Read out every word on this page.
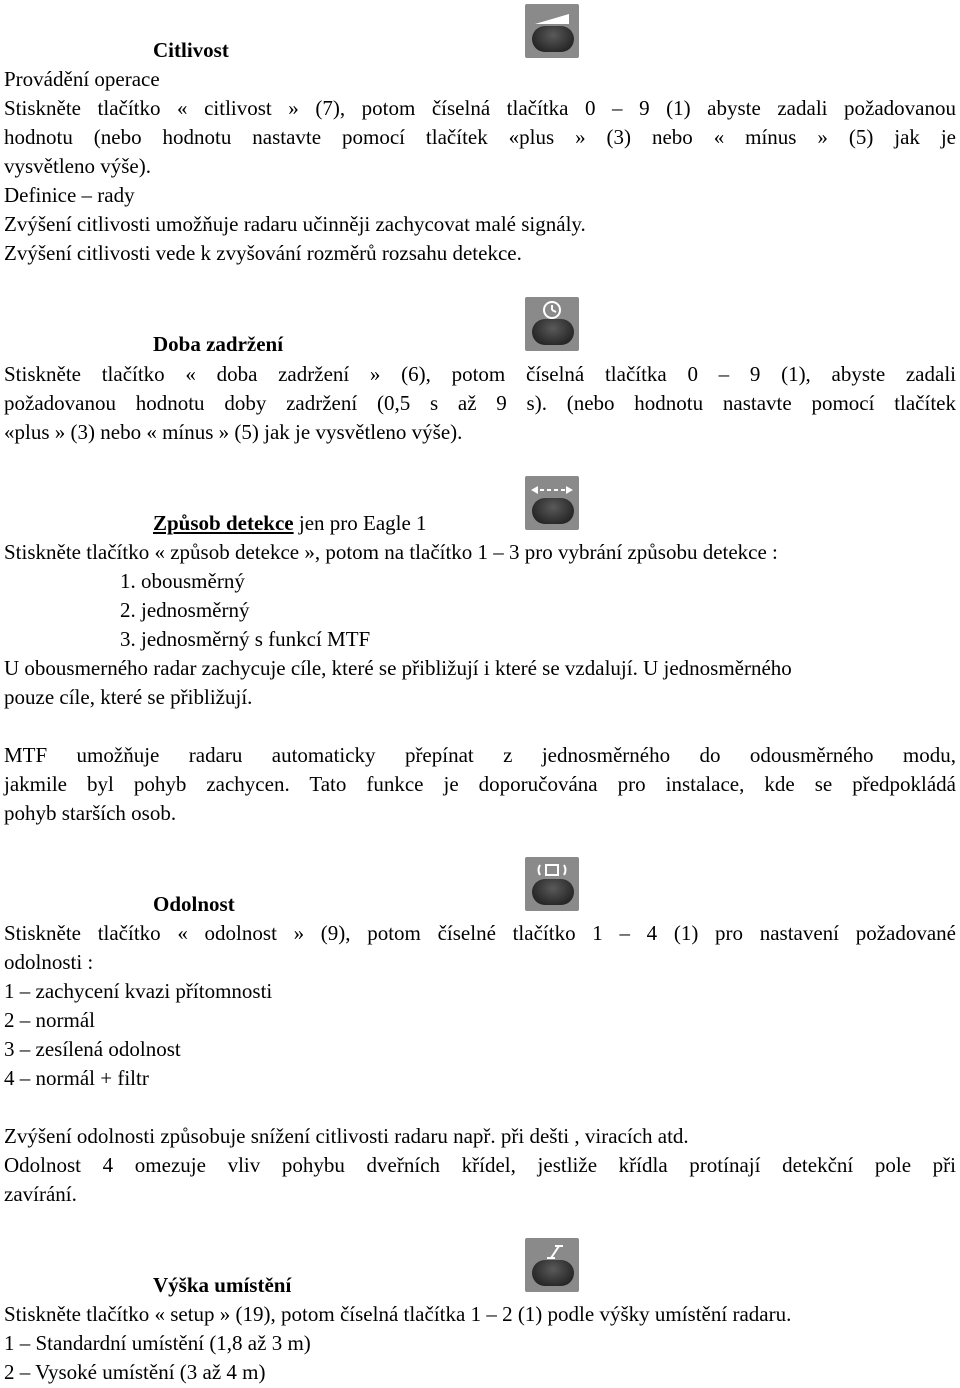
Citlivost
Provádění operace
Stiskněte tlačítko « citlivost » (7), potom číselná tlačítka 0 – 9 (1) abyste zadali požadovanou
hodnotu (nebo hodnotu nastavte pomocí tlačítek «plus » (3) nebo « mínus » (5) jak je
vysvětleno výše).
Definice – rady
Zvýšení citlivosti umožňuje radaru učinněji zachycovat malé signály.
Zvýšení citlivosti vede k zvyšování rozměrů rozsahu detekce.
Doba zadržení
Stiskněte tlačítko « doba zadržení » (6), potom číselná tlačítka 0 – 9 (1), abyste zadali
požadovanou hodnotu doby zadržení (0,5 s až 9 s). (nebo hodnotu nastavte pomocí tlačítek
«plus » (3) nebo « mínus » (5) jak je vysvětleno výše).
Způsob detekce jen pro Eagle 1
Stiskněte tlačítko « způsob detekce », potom na tlačítko 1 – 3 pro vybrání způsobu detekce :
1. obousměrný
2. jednosměrný
3. jednosměrný s funkcí MTF
U obousmerného radar zachycuje cíle, které se přibližují i které se vzdalují. U jednosměrného
pouze cíle, které se přibližují.
MTF umožňuje radaru automaticky přepínat z jednosměrného do odousměrného modu,
jakmile byl pohyb zachycen. Tato funkce je doporučována pro instalace, kde se předpokládá
pohyb starších osob.
Odolnost
Stiskněte tlačítko « odolnost » (9), potom číselné tlačítko 1 – 4 (1) pro nastavení požadované
odolnosti :
1 – zachycení kvazi přítomnosti
2 – normál
3 – zesílená odolnost
4 – normál + filtr
Zvýšení odolnosti způsobuje snížení citlivosti radaru např. při dešti , viracích atd.
Odolnost 4 omezuje vliv pohybu dveřních křídel, jestliže křídla protínají detekční pole při
zavírání.
Výška umístění
Stiskněte tlačítko « setup » (19), potom číselná tlačítka 1 – 2 (1) podle výšky umístění radaru.
1 – Standardní umístění (1,8 až 3 m)
2 – Vysoké umístění (3 až 4 m)
